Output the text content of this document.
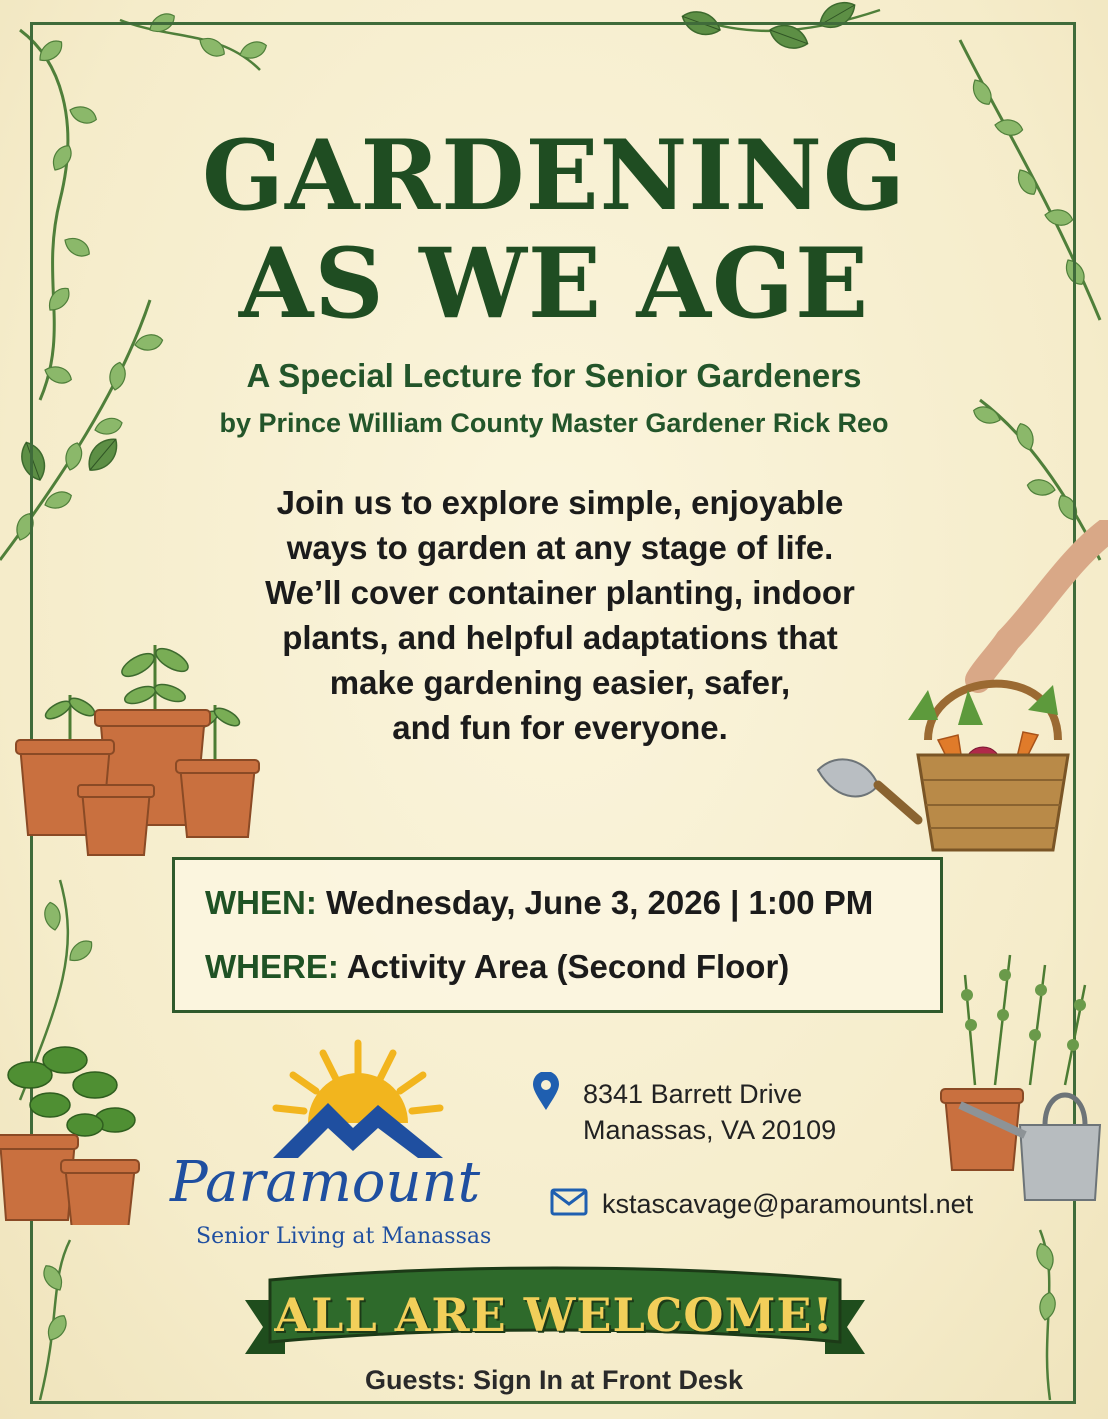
GARDENING
AS WE AGE
A Special Lecture for Senior Gardeners
by Prince William County Master Gardener Rick Reo
Join us to explore simple, enjoyable
ways to garden at any stage of life.
We’ll cover container planting, indoor
plants, and helpful adaptations that
make gardening easier, safer,
and fun for everyone.
WHEN: Wednesday, June 3, 2026 | 1:00 PM
WHERE: Activity Area (Second Floor)
Paramount
Senior Living at Manassas
8341 Barrett Drive
Manassas, VA 20109
kstascavage@paramountsl.net
ALL ARE WELCOME!
Guests: Sign In at Front Desk
